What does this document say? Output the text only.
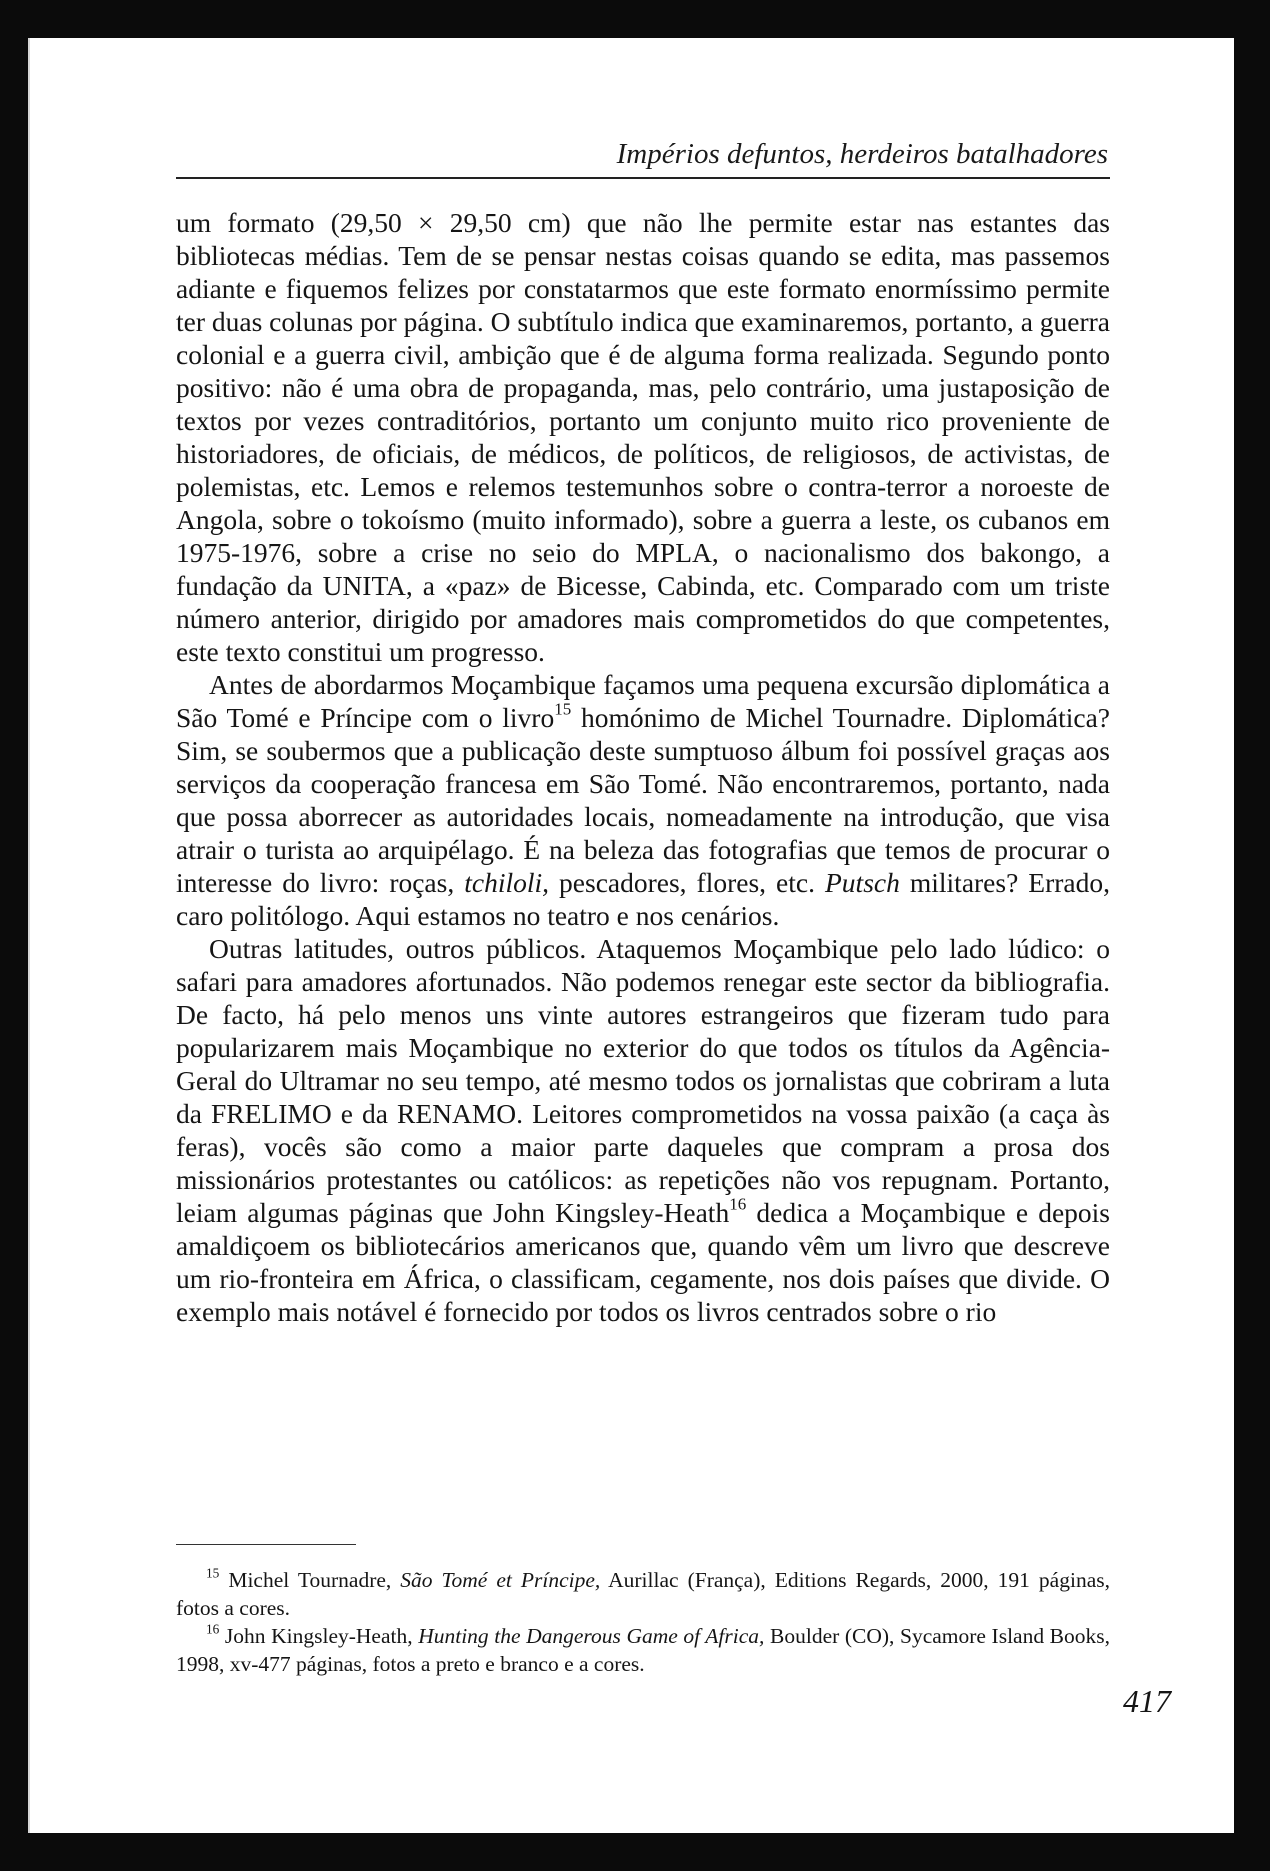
Impérios defuntos, herdeiros batalhadores

um formato (29,50 × 29,50 cm) que não lhe permite estar nas estantes das bibliotecas médias. Tem de se pensar nestas coisas quando se edita, mas passemos adiante e fiquemos felizes por constatarmos que este formato enormíssimo permite ter duas colunas por página. O subtítulo indica que examinaremos, portanto, a guerra colonial e a guerra civil, ambição que é de alguma forma realizada. Segundo ponto positivo: não é uma obra de propaganda, mas, pelo contrário, uma justaposição de textos por vezes contraditórios, portanto um conjunto muito rico proveniente de historiadores, de oficiais, de médicos, de políticos, de religiosos, de activistas, de polemistas, etc. Lemos e relemos testemunhos sobre o contra-terror a noroeste de Angola, sobre o tokoísmo (muito informado), sobre a guerra a leste, os cubanos em 1975-1976, sobre a crise no seio do MPLA, o nacionalismo dos bakongo, a fundação da UNITA, a «paz» de Bicesse, Cabinda, etc. Comparado com um triste número anterior, dirigido por amadores mais comprometidos do que competentes, este texto constitui um progresso.

Antes de abordarmos Moçambique façamos uma pequena excursão diplomática a São Tomé e Príncipe com o livro$^{15}$ homónimo de Michel Tournadre. Diplomática? Sim, se soubermos que a publicação deste sumptuoso álbum foi possível graças aos serviços da cooperação francesa em São Tomé. Não encontraremos, portanto, nada que possa aborrecer as autoridades locais, nomeadamente na introdução, que visa atrair o turista ao arquipélago. É na beleza das fotografias que temos de procurar o interesse do livro: roças, tchiloli, pescadores, flores, etc. Putsch militares? Errado, caro politólogo. Aqui estamos no teatro e nos cenários.

Outras latitudes, outros públicos. Ataquemos Moçambique pelo lado lúdico: o safari para amadores afortunados. Não podemos renegar este sector da bibliografia. De facto, há pelo menos uns vinte autores estrangeiros que fizeram tudo para popularizarem mais Moçambique no exterior do que todos os títulos da Agência-Geral do Ultramar no seu tempo, até mesmo todos os jornalistas que cobriram a luta da FRELIMO e da RENAMO. Leitores comprometidos na vossa paixão (a caça às feras), vocês são como a maior parte daqueles que compram a prosa dos missionários protestantes ou católicos: as repetições não vos repugnam. Portanto, leiam algumas páginas que John Kingsley-Heath$^{16}$ dedica a Moçambique e depois amaldiçoem os bibliotecários americanos que, quando vêm um livro que descreve um rio-fronteira em África, o classificam, cegamente, nos dois países que divide. O exemplo mais notável é fornecido por todos os livros centrados sobre o rio

$^{15}$ Michel Tournadre, São Tomé et Príncipe, Aurillac (França), Editions Regards, 2000, 191 páginas, fotos a cores.

$^{16}$ John Kingsley-Heath, Hunting the Dangerous Game of Africa, Boulder (CO), Sycamore Island Books, 1998, xv-477 páginas, fotos a preto e branco e a cores.

417
